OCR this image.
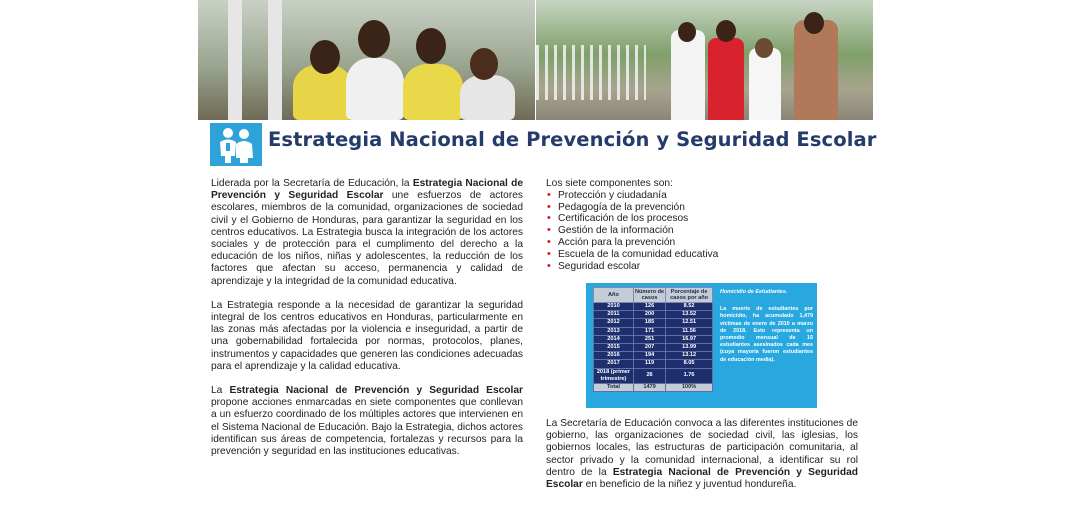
Estrategia Nacional de Prevención y Seguridad Escolar

Liderada por la Secretaría de Educación, la Estrategia Nacional de Prevención y Seguridad Escolar une esfuerzos de actores escolares, miembros de la comunidad, organizaciones de sociedad civil y el Gobierno de Honduras, para garantizar la seguridad en los centros educativos. La Estrategia busca la integración de los actores sociales y de protección para el cumplimento del derecho a la educación de los niños, niñas y adolescentes, la reducción de los factores que afectan su acceso, permanencia y calidad de aprendizaje y la integridad de la comunidad educativa.

La Estrategia responde a la necesidad de garantizar la seguridad integral de los centros educativos en Honduras, particularmente en las zonas más afectadas por la violencia e inseguridad, a partir de una gobernabilidad fortalecida por normas, protocolos, planes, instrumentos y capacidades que generen las condiciones adecuadas para el aprendizaje y la calidad educativa.

La Estrategia Nacional de Prevención y Seguridad Escolar propone acciones enmarcadas en siete componentes que conllevan a un esfuerzo coordinado de los múltiples actores que intervienen en el Sistema Nacional de Educación. Bajo la Estrategia, dichos actores identifican sus áreas de competencia, fortalezas y recursos para la prevención y seguridad en las instituciones educativas.

Los siete componentes son:
• Protección y ciudadanía
• Pedagogía de la prevención
• Certificación de los procesos
• Gestión de la información
• Acción para la prevención
• Escuela de la comunidad educativa
• Seguridad escolar
Año	Número de casos	Porcentaje de casos por año
2010	126	8.52
2011	200	13.52
2012	185	12.51
2013	171	11.56
2014	251	16.97
2015	207	13.99
2016	194	13.12
2017	119	8.05
2018 (primer trimestre)	26	1.76
Total	1479	100%
Homicidio de Estudiantes.
La muerte de estudiantes por homicidio, ha acumulado 1,479 víctimas de enero de 2010 a marzo de 2018. Esto representa un promedio mensual de 15 estudiantes asesinados cada mes (cuya mayoría fueron estudiantes de educación media).
La Secretaría de Educación convoca a las diferentes instituciones de gobierno, las organizaciones de sociedad civil, las iglesias, los gobiernos locales, las estructuras de participación comunitaria, al sector privado y la comunidad internacional, a identificar su rol dentro de la Estrategia Nacional de Prevención y Seguridad Escolar en beneficio de la niñez y juventud hondureña.
